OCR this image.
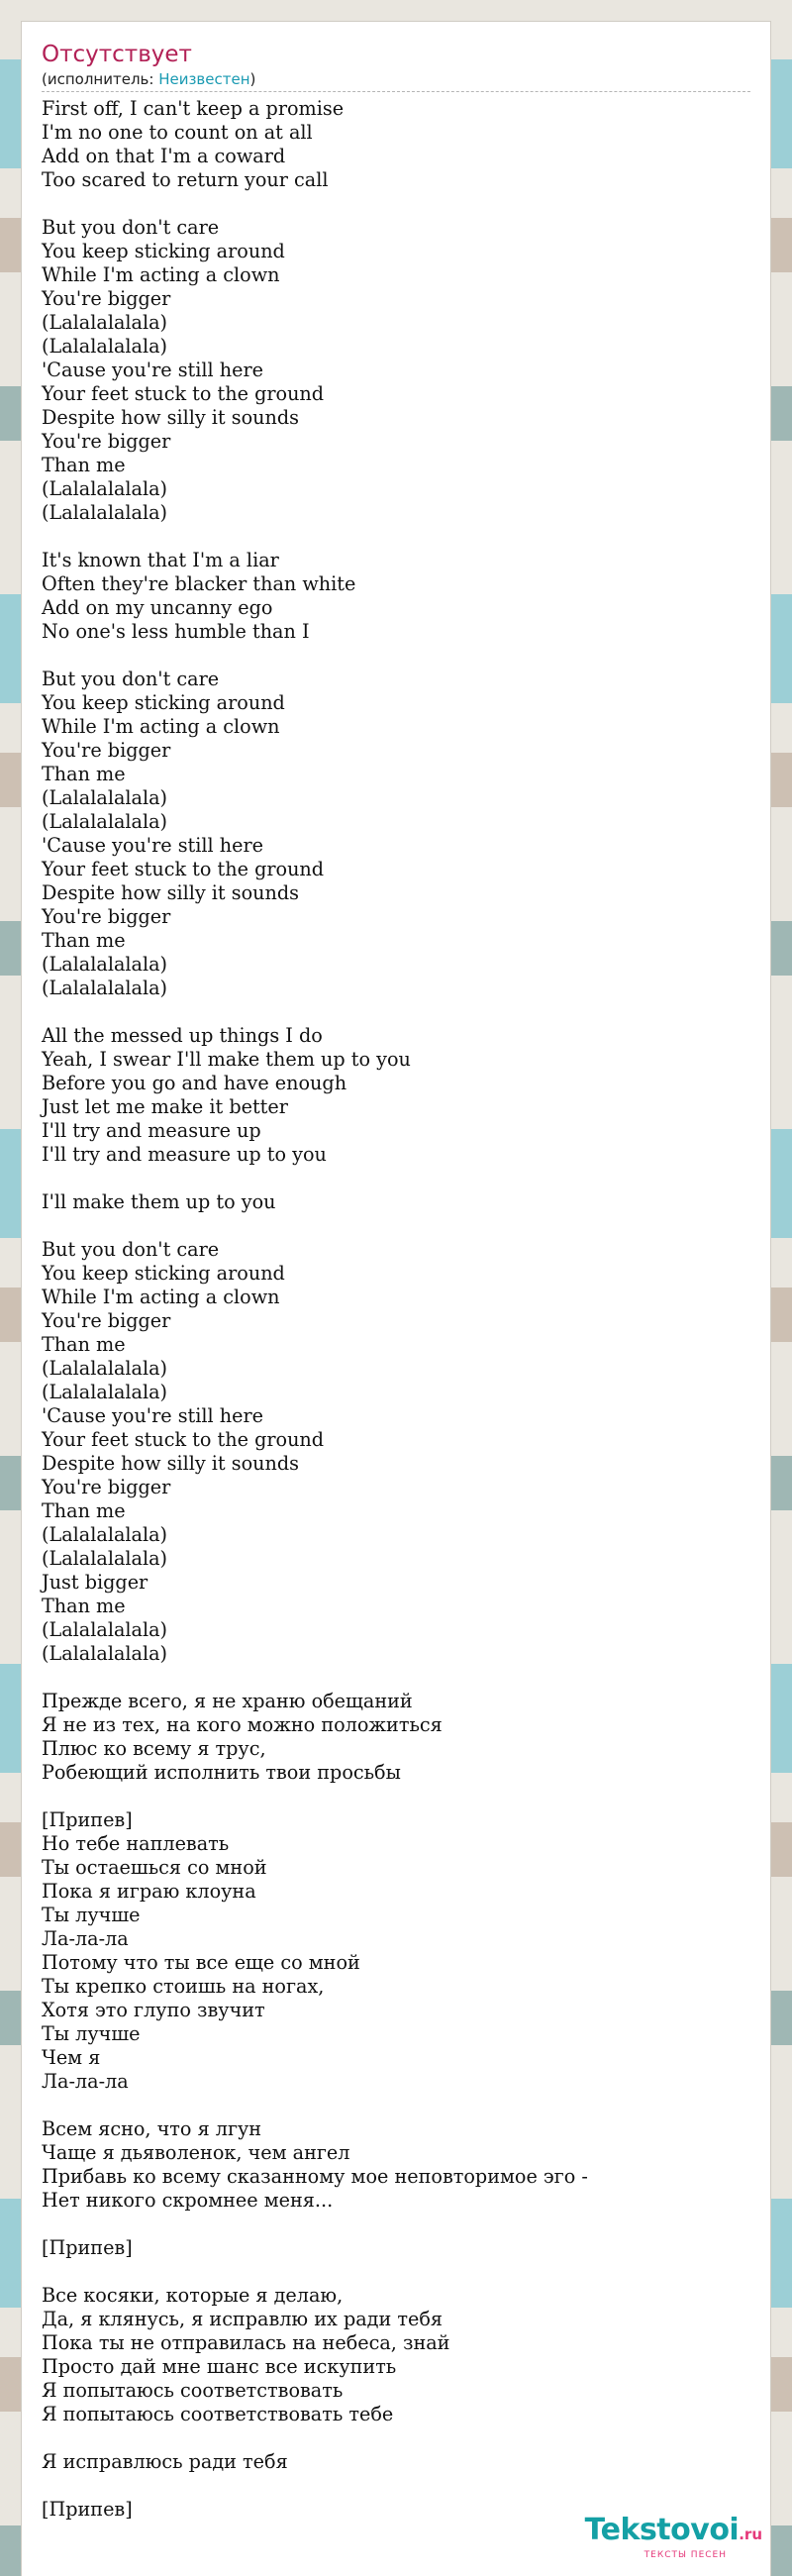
Отсутствует
(исполнитель: Неизвестен)
First off, I can't keep a promise
I'm no one to count on at all
Add on that I'm a coward
Too scared to return your call
But you don't care
You keep sticking around
While I'm acting a clown
You're bigger
(Lalalalalala)
(Lalalalalala)
'Cause you're still here
Your feet stuck to the ground
Despite how silly it sounds
You're bigger
Than me
(Lalalalalala)
(Lalalalalala)
It's known that I'm a liar
Often they're blacker than white
Add on my uncanny ego
No one's less humble than I
But you don't care
You keep sticking around
While I'm acting a clown
You're bigger
Than me
(Lalalalalala)
(Lalalalalala)
'Cause you're still here
Your feet stuck to the ground
Despite how silly it sounds
You're bigger
Than me
(Lalalalalala)
(Lalalalalala)
All the messed up things I do
Yeah, I swear I'll make them up to you
Before you go and have enough
Just let me make it better
I'll try and measure up
I'll try and measure up to you
I'll make them up to you
But you don't care
You keep sticking around
While I'm acting a clown
You're bigger
Than me
(Lalalalalala)
(Lalalalalala)
'Cause you're still here
Your feet stuck to the ground
Despite how silly it sounds
You're bigger
Than me
(Lalalalalala)
(Lalalalalala)
Just bigger
Than me
(Lalalalalala)
(Lalalalalala)
Прежде всего, я не храню обещаний
Я не из тех, на кого можно положиться
Плюс ко всему я трус,
Робеющий исполнить твои просьбы
[Припев]
Но тебе наплевать
Ты остаешься со мной
Пока я играю клоуна
Ты лучше
Ла-ла-ла
Потому что ты все еще со мной
Ты крепко стоишь на ногах,
Хотя это глупо звучит
Ты лучше
Чем я
Ла-ла-ла
Всем ясно, что я лгун
Чаще я дьяволенок, чем ангел
Прибавь ко всему сказанному мое неповторимое эго -
Нет никого скромнее меня...
[Припев]
Все косяки, которые я делаю,
Да, я клянусь, я исправлю их ради тебя
Пока ты не отправилась на небеса, знай
Просто дай мне шанс все искупить
Я попытаюсь соответствовать
Я попытаюсь соответствовать тебе
Я исправлюсь ради тебя
[Припев]
Tekstovoi.ru
ТЕКСТЫ ПЕСЕН
